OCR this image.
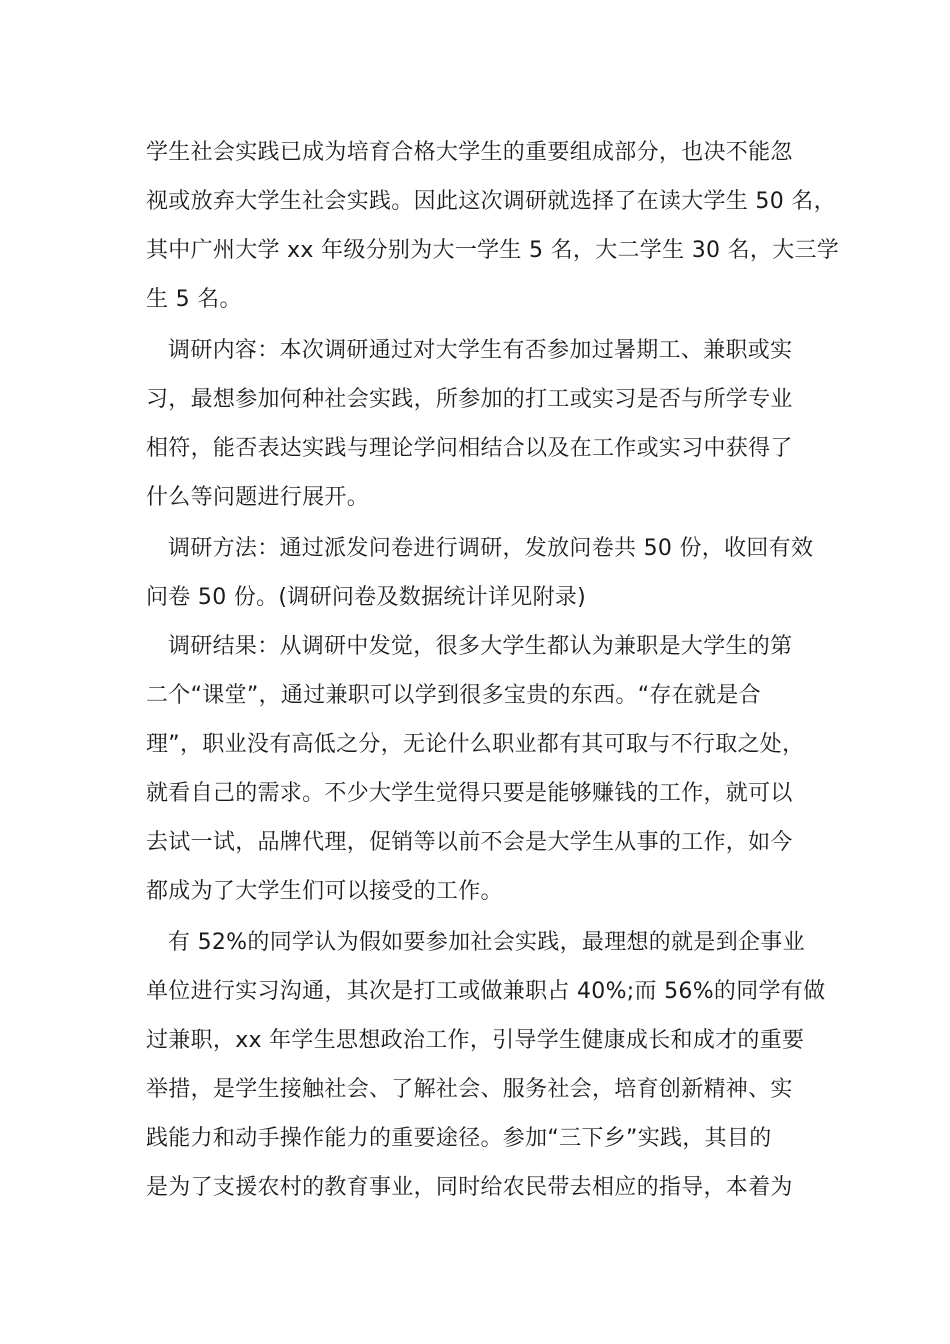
学生社会实践已成为培育合格大学生的重要组成部分，也决不能忽
视或放弃大学生社会实践。因此这次调研就选择了在读大学生 50 名，
其中广州大学 xx 年级分别为大一学生 5 名，大二学生 30 名，大三学
生 5 名。
调研内容：本次调研通过对大学生有否参加过暑期工、兼职或实
习，最想参加何种社会实践，所参加的打工或实习是否与所学专业
相符，能否表达实践与理论学问相结合以及在工作或实习中获得了
什么等问题进行展开。
调研方法：通过派发问卷进行调研，发放问卷共 50 份，收回有效
问卷 50 份。(调研问卷及数据统计详见附录)
调研结果：从调研中发觉，很多大学生都认为兼职是大学生的第
二个“课堂”，通过兼职可以学到很多宝贵的东西。“存在就是合
理”，职业没有高低之分，无论什么职业都有其可取与不行取之处，
就看自己的需求。不少大学生觉得只要是能够赚钱的工作，就可以
去试一试，品牌代理，促销等以前不会是大学生从事的工作，如今
都成为了大学生们可以接受的工作。
有 52%的同学认为假如要参加社会实践，最理想的就是到企事业
单位进行实习沟通，其次是打工或做兼职占 40%;而 56%的同学有做
过兼职，xx 年学生思想政治工作，引导学生健康成长和成才的重要
举措，是学生接触社会、了解社会、服务社会，培育创新精神、实
践能力和动手操作能力的重要途径。参加“三下乡”实践，其目的
是为了支援农村的教育事业，同时给农民带去相应的指导，本着为
